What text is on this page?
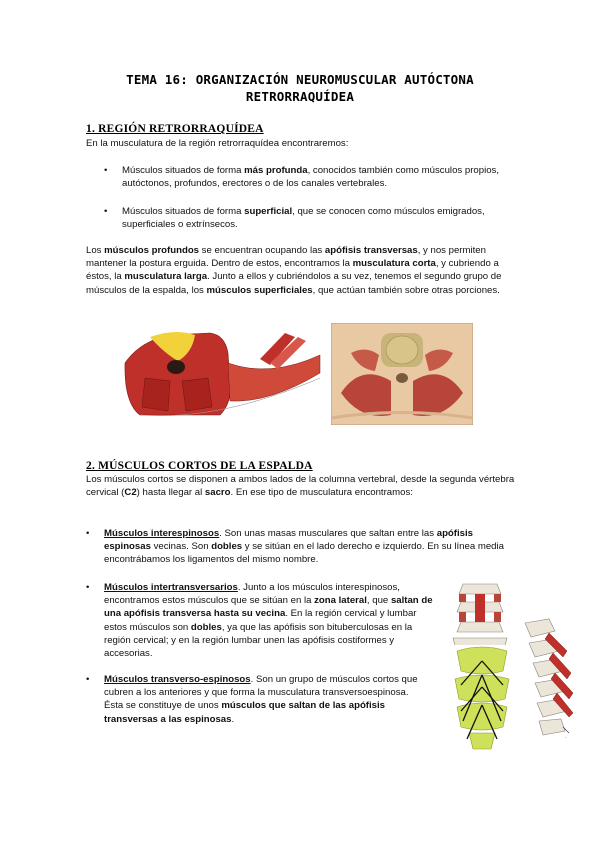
TEMA 16: ORGANIZACIÓN NEUROMUSCULAR AUTÓCTONA
RETRORRAQUÍDEA
1. REGIÓN RETRORRAQUÍDEA
En la musculatura de la región retrorraquídea encontraremos:
• Músculos situados de forma más profunda, conocidos también como músculos propios, autóctonos, profundos, erectores o de los canales vertebrales.
• Músculos situados de forma superficial, que se conocen como músculos emigrados, superficiales o extrínsecos.
Los músculos profundos se encuentran ocupando las apófisis transversas, y nos permiten mantener la postura erguida. Dentro de estos, encontramos la musculatura corta, y cubriendo a éstos, la musculatura larga. Junto a ellos y cubriéndolos a su vez, tenemos el segundo grupo de músculos de la espalda, los músculos superficiales, que actúan también sobre otras porciones.
· ·
2. MÚSCULOS CORTOS DE LA ESPALDA
Los músculos cortos se disponen a ambos lados de la columna vertebral, desde la segunda vértebra cervical (C2) hasta llegar al sacro. En ese tipo de musculatura encontramos:
• Músculos interespinosos. Son unas masas musculares que saltan entre las apófisis espinosas vecinas. Son dobles y se sitúan en el lado derecho e izquierdo. En su línea media encontrábamos los ligamentos del mismo nombre.
• Músculos intertransversarios. Junto a los músculos interespinosos, encontramos estos músculos que se sitúan en la zona lateral, que saltan de una apófisis transversa hasta su vecina. En la región cervical y lumbar estos músculos son dobles, ya que las apófisis son bituberculosas en la región cervical; y en la región lumbar unen las apófisis costiformes y accesorias.
• Músculos transverso-espinosos. Son un grupo de músculos cortos que cubren a los anteriores y que forma la musculatura transversoespinosa. Ésta se constituye de unos músculos que saltan de las apófisis transversas a las espinosas.
·
